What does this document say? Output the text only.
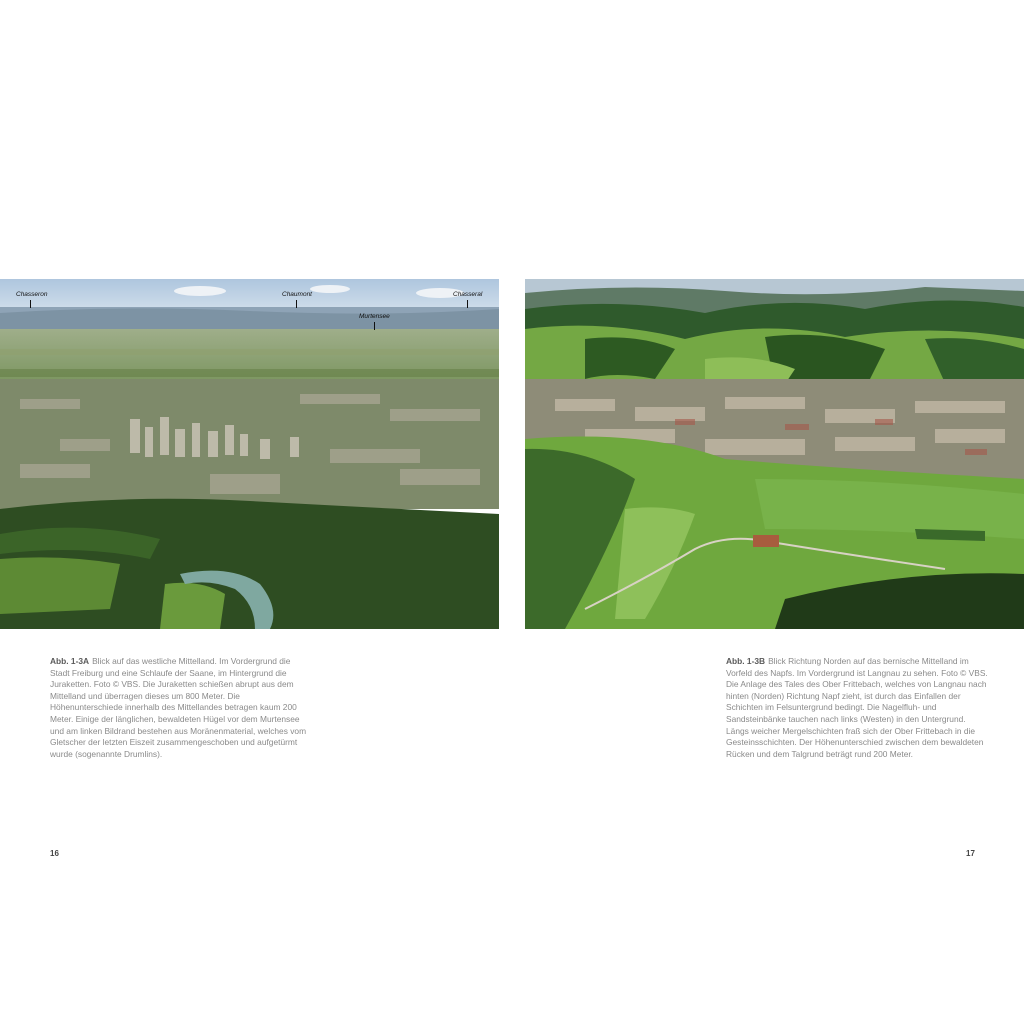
Chasseron	Chaumont
Murtensee
Chasseral
Abb. 1-3A Blick auf das westliche Mittelland. Im Vordergrund die Stadt Freiburg und eine Schlaufe der Saane, im Hintergrund die Juraketten. Foto © VBS. Die Juraketten schießen abrupt aus dem Mittelland und überragen dieses um 800 Meter. Die Höhenunterschiede innerhalb des Mittellandes betragen kaum 200 Meter. Einige der länglichen, bewaldeten Hügel vor dem Murtensee und am linken Bildrand bestehen aus Moränenmaterial, welches vom Gletscher der letzten Eiszeit zusammengeschoben und aufgetürmt wurde (sogenannte Drumlins).
16
Abb. 1-3B Blick Richtung Norden auf das bernische Mittelland im Vorfeld des Napfs. Im Vordergrund ist Langnau zu sehen. Foto © VBS. Die Anlage des Tales des Ober Frittebach, welches von Langnau nach hinten (Norden) Richtung Napf zieht, ist durch das Einfallen der Schichten im Felsuntergrund bedingt. Die Nagelfluh- und Sandsteinbänke tauchen nach links (Westen) in den Untergrund. Längs weicher Mergelschichten fraß sich der Ober Frittebach in die Gesteinsschichten. Der Höhenunterschied zwischen dem bewaldeten Rücken und dem Talgrund beträgt rund 200 Meter.
17
